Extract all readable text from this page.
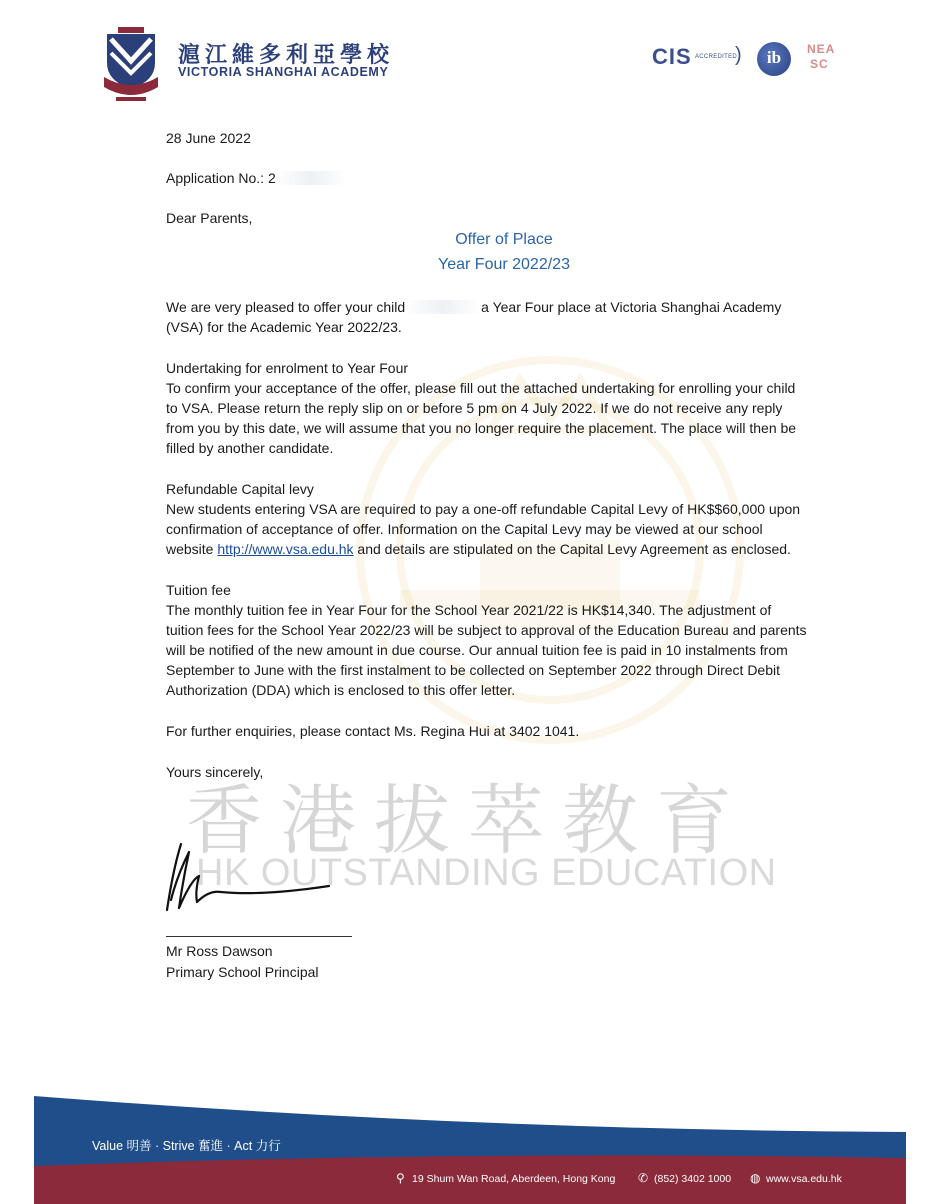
滬江維多利亞學校
VICTORIA SHANGHAI ACADEMY
CIS ACCREDITED
)	ib	NEA
SC
28 June 2022
Application No.: 2
Dear Parents,
Offer of Place
Year Four 2022/23
We are very pleased to offer your child	a Year Four place at Victoria Shanghai Academy
(VSA) for the Academic Year 2022/23.
Undertaking for enrolment to Year Four
To confirm your acceptance of the offer, please fill out the attached undertaking for enrolling your child
to VSA. Please return the reply slip on or before 5 pm on 4 July 2022. If we do not receive any reply
from you by this date, we will assume that you no longer require the placement. The place will then be
filled by another candidate.
Refundable Capital levy
New students entering VSA are required to pay a one-off refundable Capital Levy of HK$$60,000 upon
confirmation of acceptance of offer. Information on the Capital Levy may be viewed at our school
website http://www.vsa.edu.hk and details are stipulated on the Capital Levy Agreement as enclosed.
Tuition fee
The monthly tuition fee in Year Four for the School Year 2021/22 is HK$14,340. The adjustment of
tuition fees for the School Year 2022/23 will be subject to approval of the Education Bureau and parents
will be notified of the new amount in due course. Our annual tuition fee is paid in 10 instalments from
September to June with the first instalment to be collected on September 2022 through Direct Debit
Authorization (DDA) which is enclosed to this offer letter.
For further enquiries, please contact Ms. Regina Hui at 3402 1041.
Yours sincerely,
香港拔萃教育
HK OUTSTANDING EDUCATION
Mr Ross Dawson
Primary School Principal
Value 明善 · Strive 奮進 · Act 力行
⚲ 19 Shum Wan Road, Aberdeen, Hong Kong ✆ (852) 3402 1000 ◍ www.vsa.edu.hk
